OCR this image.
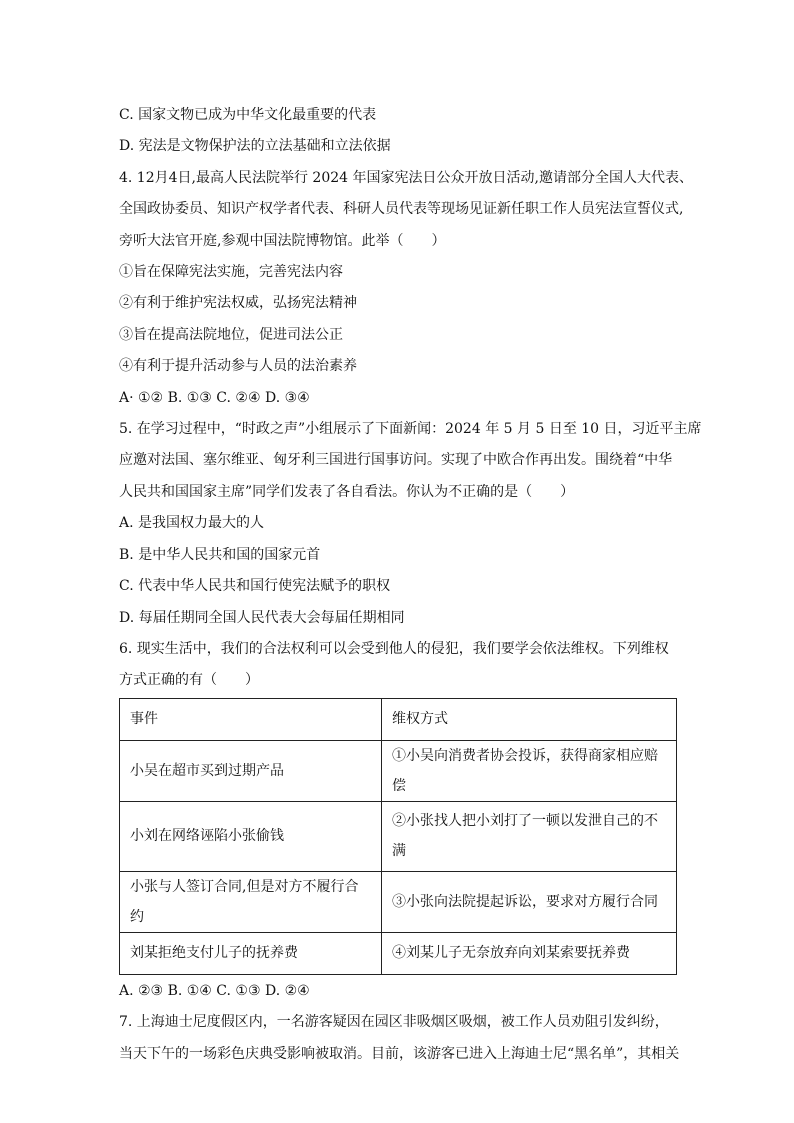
C. 国家文物已成为中华文化最重要的代表
D. 宪法是文物保护法的立法基础和立法依据
4. 12月4日,最高人民法院举行 2024 年国家宪法日公众开放日活动,邀请部分全国人大代表、
全国政协委员、知识产权学者代表、科研人员代表等现场见证新任职工作人员宪法宣誓仪式,
旁听大法官开庭,参观中国法院博物馆。此举（　　）
①旨在保障宪法实施，完善宪法内容
②有利于维护宪法权威，弘扬宪法精神
③旨在提高法院地位，促进司法公正
④有利于提升活动参与人员的法治素养
A· ①② B. ①③ C. ②④ D. ③④
5. 在学习过程中，“时政之声”小组展示了下面新闻：2024 年 5 月 5 日至 10 日，习近平主席
应邀对法国、塞尔维亚、匈牙利三国进行国事访问。实现了中欧合作再出发。围绕着“中华
人民共和国国家主席”同学们发表了各自看法。你认为不正确的是（　　）
A. 是我国权力最大的人
B. 是中华人民共和国的国家元首
C. 代表中华人民共和国行使宪法赋予的职权
D. 每届任期同全国人民代表大会每届任期相同
6. 现实生活中，我们的合法权利可以会受到他人的侵犯，我们要学会依法维权。下列维权
方式正确的有（　　）
事件	维权方式
小吴在超市买到过期产品	①小吴向消费者协会投诉，获得商家相应赔偿
小刘在网络诬陷小张偷钱	②小张找人把小刘打了一顿以发泄自己的不满
小张与人签订合同,但是对方不履行合约	③小张向法院提起诉讼，要求对方履行合同
刘某拒绝支付儿子的抚养费	④刘某儿子无奈放弃向刘某索要抚养费
A. ②③ B. ①④ C. ①③ D. ②④
7. 上海迪士尼度假区内，一名游客疑因在园区非吸烟区吸烟，被工作人员劝阻引发纠纷，
当天下午的一场彩色庆典受影响被取消。目前，该游客已进入上海迪士尼“黑名单”，其相关
